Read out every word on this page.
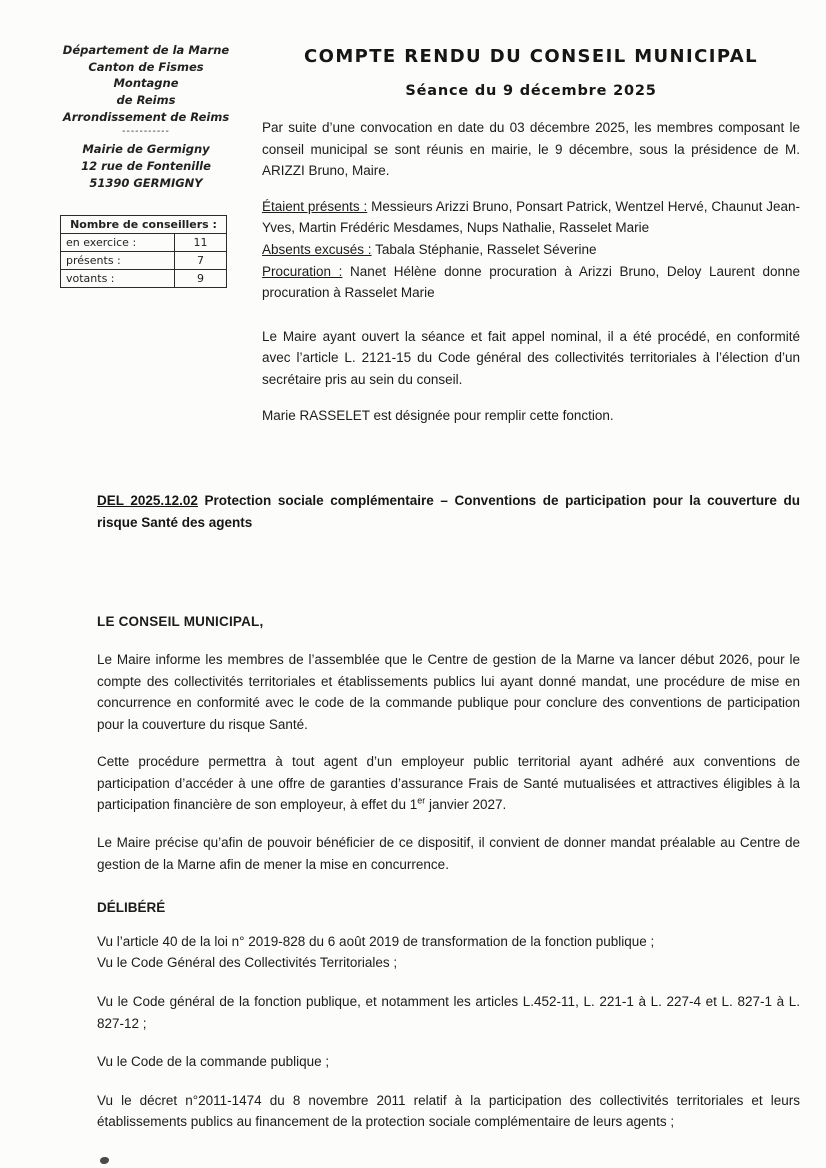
Département de la Marne
Canton de Fismes Montagne
de Reims
Arrondissement de Reims
-----------
Mairie de Germigny
12 rue de Fontenille
51390 GERMIGNY
Nombre de conseillers :	
en exercice :	11
présents :	7
votants :	9
COMPTE RENDU DU CONSEIL MUNICIPAL
Séance du 9 décembre 2025

Par suite d’une convocation en date du 03 décembre 2025, les membres composant le conseil municipal se sont réunis en mairie, le 9 décembre, sous la présidence de M. ARIZZI Bruno, Maire.

Étaient présents : Messieurs Arizzi Bruno, Ponsart Patrick, Wentzel Hervé, Chaunut Jean-Yves, Martin Frédéric Mesdames, Nups Nathalie, Rasselet Marie

Absents excusés : Tabala Stéphanie, Rasselet Séverine

Procuration : Nanet Hélène donne procuration à Arizzi Bruno, Deloy Laurent donne procuration à Rasselet Marie

Le Maire ayant ouvert la séance et fait appel nominal, il a été procédé, en conformité avec l’article L. 2121-15 du Code général des collectivités territoriales à l’élection d’un secrétaire pris au sein du conseil.

Marie RASSELET est désignée pour remplir cette fonction.

DEL 2025.12.02 Protection sociale complémentaire – Conventions de participation pour la couverture du risque Santé des agents
LE CONSEIL MUNICIPAL,

Le Maire informe les membres de l’assemblée que le Centre de gestion de la Marne va lancer début 2026, pour le compte des collectivités territoriales et établissements publics lui ayant donné mandat, une procédure de mise en concurrence en conformité avec le code de la commande publique pour conclure des conventions de participation pour la couverture du risque Santé.

Cette procédure permettra à tout agent d’un employeur public territorial ayant adhéré aux conventions de participation d’accéder à une offre de garanties d’assurance Frais de Santé mutualisées et attractives éligibles à la participation financière de son employeur, à effet du 1er janvier 2027.

Le Maire précise qu’afin de pouvoir bénéficier de ce dispositif, il convient de donner mandat préalable au Centre de gestion de la Marne afin de mener la mise en concurrence.

DÉLIBÉRÉ

Vu l’article 40 de la loi n° 2019-828 du 6 août 2019 de transformation de la fonction publique ;

Vu le Code Général des Collectivités Territoriales ;

Vu le Code général de la fonction publique, et notamment les articles L.452-11, L. 221-1 à L. 227-4 et L. 827-1 à L. 827-12 ;

Vu le Code de la commande publique ;

Vu le décret n°2011-1474 du 8 novembre 2011 relatif à la participation des collectivités territoriales et leurs établissements publics au financement de la protection sociale complémentaire de leurs agents ;
